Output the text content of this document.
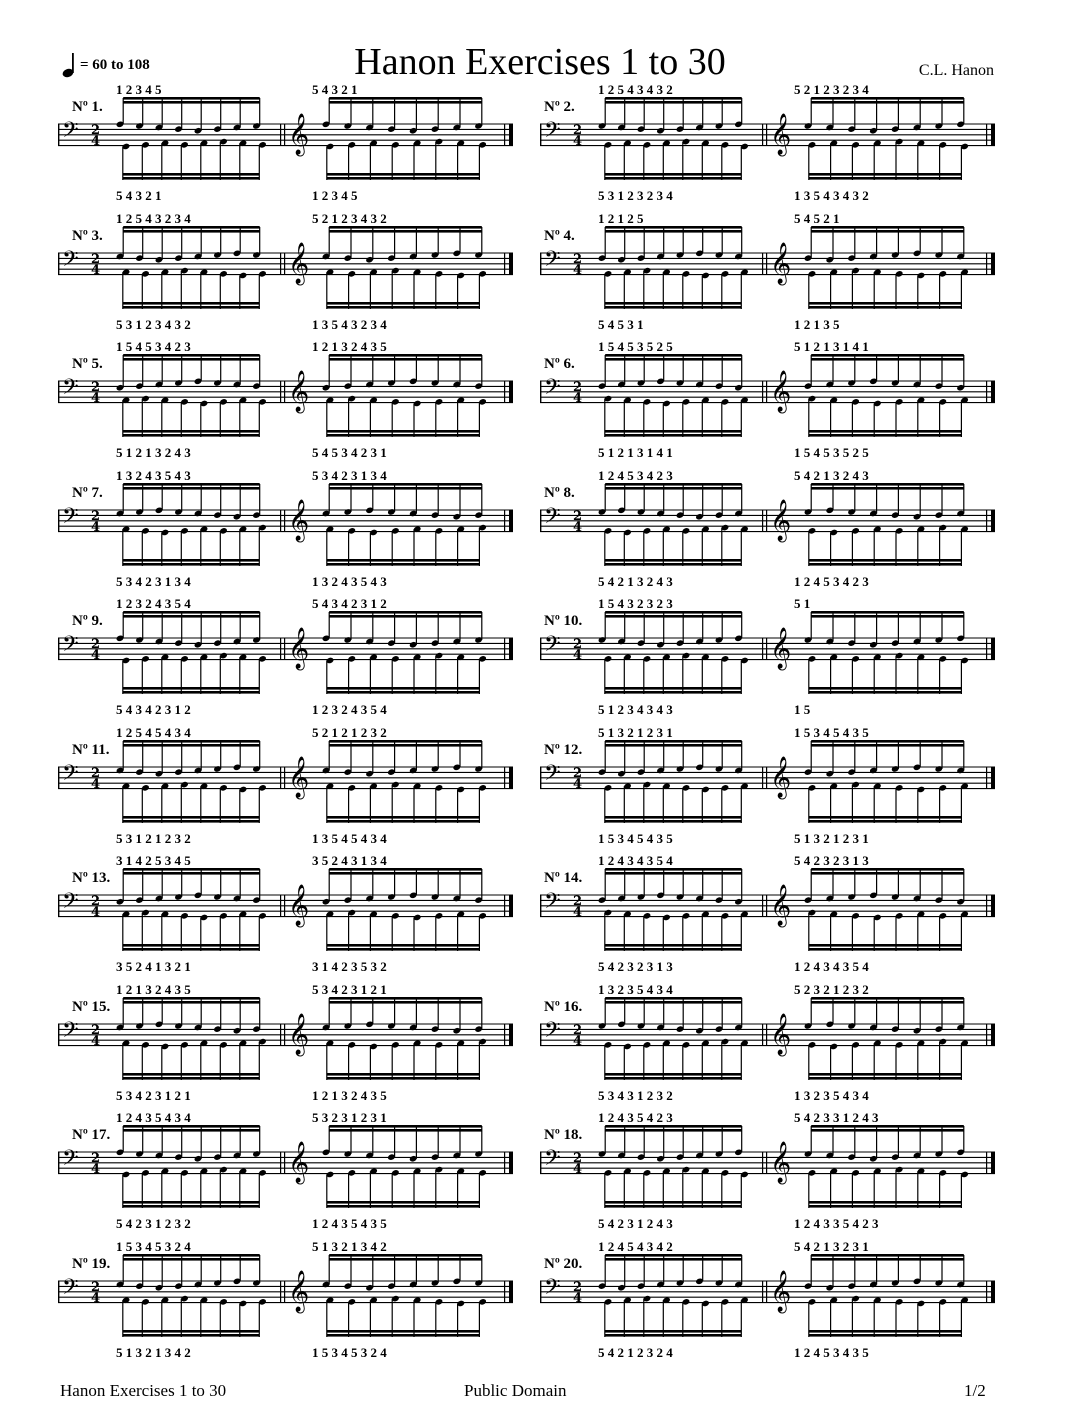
= 60 to 108	Hanon Exercises 1 to 30	C.L. Hanon
𝄢 2
4	𝄞
Nº 1.
1 2 3 4 5	5 4 3 2 1
5 4 3 2 1	1 2 3 4 5
𝄢 2
4	𝄞
Nº 2.
1 2 5 4 3 4 3 2	5 2 1 2 3 2 3 4
5 3 1 2 3 2 3 4	1 3 5 4 3 4 3 2
𝄢 2
4	𝄞
Nº 3.
1 2 5 4 3 2 3 4	5 2 1 2 3 4 3 2
5 3 1 2 3 4 3 2	1 3 5 4 3 2 3 4
𝄢 2
4	𝄞
Nº 4.
1 2 1 2 5	5 4 5 2 1
5 4 5 3 1	1 2 1 3 5
𝄢 2
4	𝄞
Nº 5.
1 5 4 5 3 4 2 3	1 2 1 3 2 4 3 5
5 1 2 1 3 2 4 3	5 4 5 3 4 2 3 1
𝄢 2
4	𝄞
Nº 6.
1 5 4 5 3 5 2 5	5 1 2 1 3 1 4 1
5 1 2 1 3 1 4 1	1 5 4 5 3 5 2 5
𝄢 2
4	𝄞
Nº 7.
1 3 2 4 3 5 4 3	5 3 4 2 3 1 3 4
5 3 4 2 3 1 3 4	1 3 2 4 3 5 4 3
𝄢 2
4	𝄞
Nº 8.
1 2 4 5 3 4 2 3	5 4 2 1 3 2 4 3
5 4 2 1 3 2 4 3	1 2 4 5 3 4 2 3
𝄢 2
4	𝄞
Nº 9.
1 2 3 2 4 3 5 4	5 4 3 4 2 3 1 2
5 4 3 4 2 3 1 2	1 2 3 2 4 3 5 4
𝄢 2
4	𝄞
Nº 10.
1 5 4 3 2 3 2 3	5 1
5 1 2 3 4 3 4 3	1 5
𝄢 2
4	𝄞
Nº 11.
1 2 5 4 5 4 3 4	5 2 1 2 1 2 3 2
5 3 1 2 1 2 3 2	1 3 5 4 5 4 3 4
𝄢 2
4	𝄞
Nº 12.
5 1 3 2 1 2 3 1	1 5 3 4 5 4 3 5
1 5 3 4 5 4 3 5	5 1 3 2 1 2 3 1
𝄢 2
4	𝄞
Nº 13.
3 1 4 2 5 3 4 5	3 5 2 4 3 1 3 4
3 5 2 4 1 3 2 1	3 1 4 2 3 5 3 2
𝄢 2
4	𝄞
Nº 14.
1 2 4 3 4 3 5 4	5 4 2 3 2 3 1 3
5 4 2 3 2 3 1 3	1 2 4 3 4 3 5 4
𝄢 2
4	𝄞
Nº 15.
1 2 1 3 2 4 3 5	5 3 4 2 3 1 2 1
5 3 4 2 3 1 2 1	1 2 1 3 2 4 3 5
𝄢 2
4	𝄞
Nº 16.
1 3 2 3 5 4 3 4	5 2 3 2 1 2 3 2
5 3 4 3 1 2 3 2	1 3 2 3 5 4 3 4
𝄢 2
4	𝄞
Nº 17.
1 2 4 3 5 4 3 4	5 3 2 3 1 2 3 1
5 4 2 3 1 2 3 2	1 2 4 3 5 4 3 5
𝄢 2
4	𝄞
Nº 18.
1 2 4 3 5 4 2 3	5 4 2 3 3 1 2 4 3
5 4 2 3 1 2 4 3	1 2 4 3 3 5 4 2 3
𝄢 2
4	𝄞
Nº 19.
1 5 3 4 5 3 2 4	5 1 3 2 1 3 4 2
5 1 3 2 1 3 4 2	1 5 3 4 5 3 2 4
𝄢 2
4	𝄞
Nº 20.
1 2 4 5 4 3 4 2	5 4 2 1 3 2 3 1
5 4 2 1 2 3 2 4	1 2 4 5 3 4 3 5
Hanon Exercises 1 to 30	Public Domain	1/2
